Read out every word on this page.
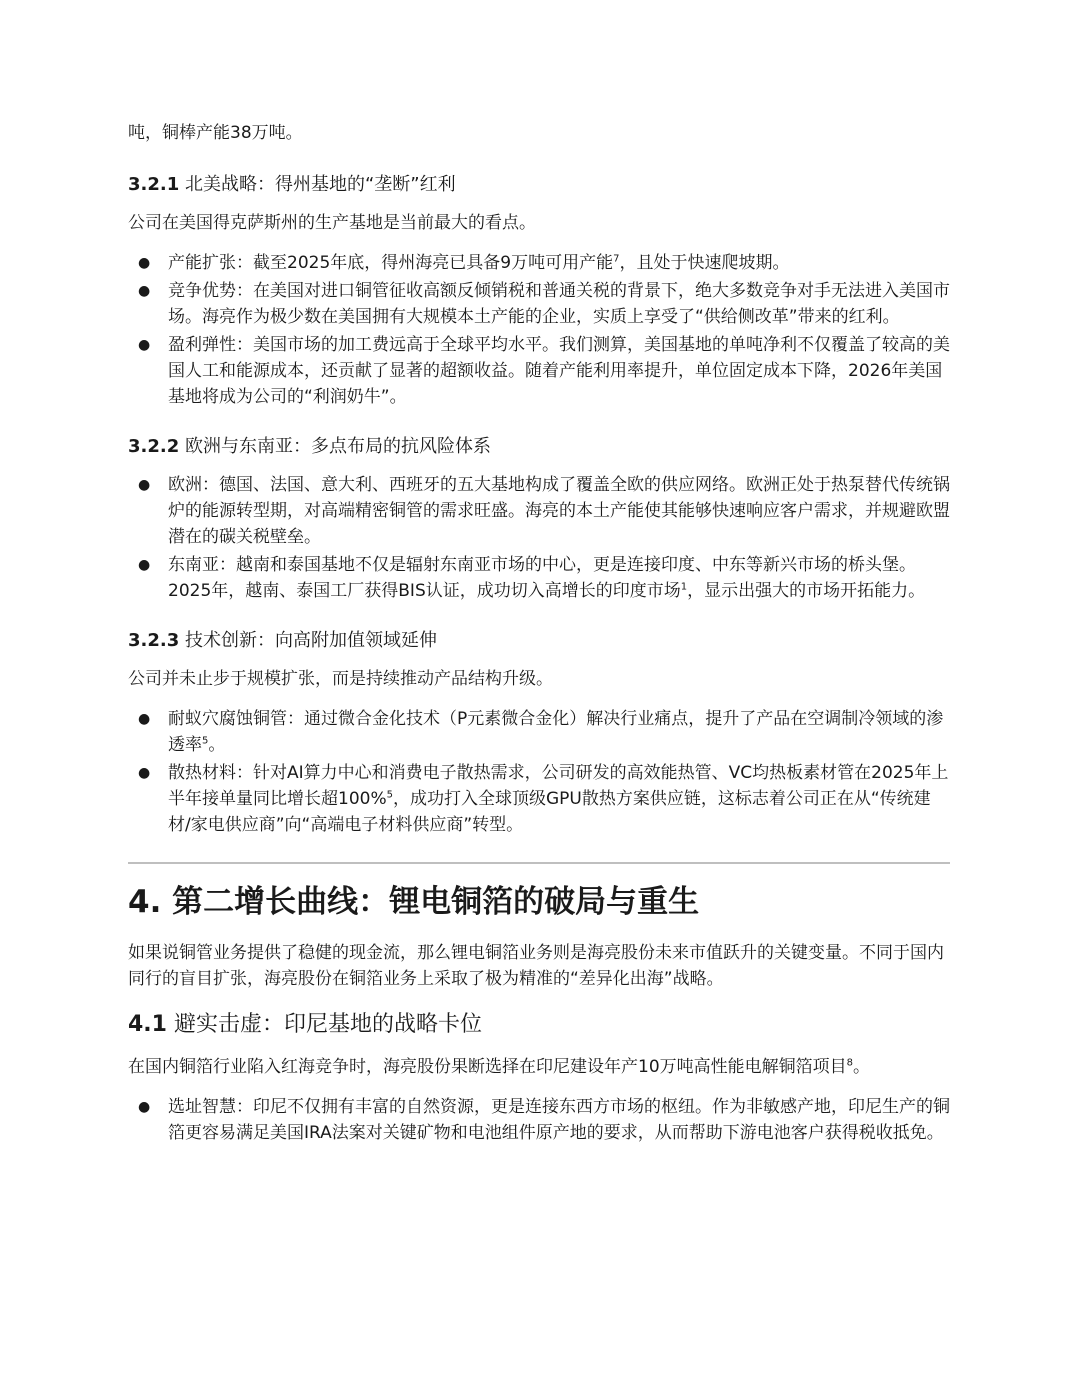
吨，铜棒产能38万吨。

3.2.1 北美战略：得州基地的“垄断”红利

公司在美国得克萨斯州的生产基地是当前最大的看点。

● 产能扩张：截至2025年底，得州海亮已具备9万吨可用产能$^7$，且处于快速爬坡期。
● 竞争优势：在美国对进口铜管征收高额反倾销税和普通关税的背景下，绝大多数竞争对手无法进入美国市场。海亮作为极少数在美国拥有大规模本土产能的企业，实质上享受了“供给侧改革”带来的红利。
● 盈利弹性：美国市场的加工费远高于全球平均水平。我们测算，美国基地的单吨净利不仅覆盖了较高的美国人工和能源成本，还贡献了显著的超额收益。随着产能利用率提升，单位固定成本下降，2026年美国基地将成为公司的“利润奶牛”。
3.2.2 欧洲与东南亚：多点布局的抗风险体系
● 欧洲：德国、法国、意大利、西班牙的五大基地构成了覆盖全欧的供应网络。欧洲正处于热泵替代传统锅炉的能源转型期，对高端精密铜管的需求旺盛。海亮的本土产能使其能够快速响应客户需求，并规避欧盟潜在的碳关税壁垒。
● 东南亚：越南和泰国基地不仅是辐射东南亚市场的中心，更是连接印度、中东等新兴市场的桥头堡。2025年，越南、泰国工厂获得BIS认证，成功切入高增长的印度市场$^1$，显示出强大的市场开拓能力。
3.2.3 技术创新：向高附加值领域延伸

公司并未止步于规模扩张，而是持续推动产品结构升级。

● 耐蚁穴腐蚀铜管：通过微合金化技术（P元素微合金化）解决行业痛点，提升了产品在空调制冷领域的渗透率$^5$。
● 散热材料：针对AI算力中心和消费电子散热需求，公司研发的高效能热管、VC均热板素材管在2025年上半年接单量同比增长超100%$^5$，成功打入全球顶级GPU散热方案供应链，这标志着公司正在从“传统建材/家电供应商”向“高端电子材料供应商”转型。
4. 第二增长曲线：锂电铜箔的破局与重生

如果说铜管业务提供了稳健的现金流，那么锂电铜箔业务则是海亮股份未来市值跃升的关键变量。不同于国内同行的盲目扩张，海亮股份在铜箔业务上采取了极为精准的“差异化出海”战略。

4.1 避实击虚：印尼基地的战略卡位

在国内铜箔行业陷入红海竞争时，海亮股份果断选择在印尼建设年产10万吨高性能电解铜箔项目$^8$。

● 选址智慧：印尼不仅拥有丰富的自然资源，更是连接东西方市场的枢纽。作为非敏感产地，印尼生产的铜箔更容易满足美国IRA法案对关键矿物和电池组件原产地的要求，从而帮助下游电池客户获得税收抵免。
